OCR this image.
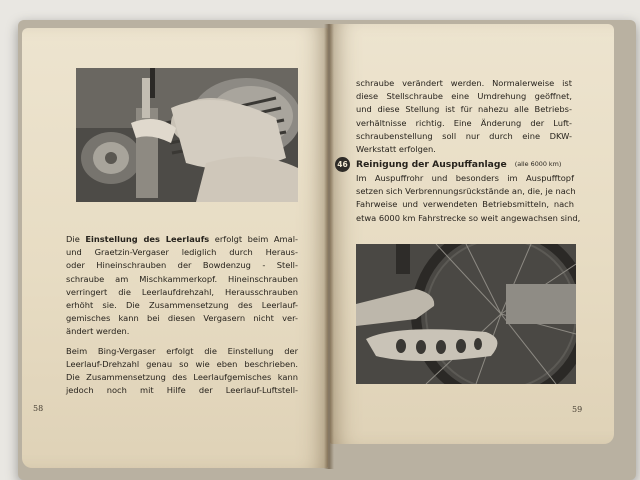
Die Einstellung des Leerlaufs erfolgt beim Amal-
und Graetzin-Vergaser lediglich durch Heraus-
oder Hineinschrauben der Bowdenzug - Stell-
schraube am Mischkammerkopf. Hineinschrauben
verringert die Leerlaufdrehzahl, Herausschrauben
erhöht sie. Die Zusammensetzung des Leerlauf-
gemisches kann bei diesen Vergasern nicht ver-
ändert werden.
Beim Bing-Vergaser erfolgt die Einstellung der
Leerlauf-Drehzahl genau so wie eben beschrieben.
Die Zusammensetzung des Leerlaufgemisches kann
jedoch noch mit Hilfe der Leerlauf-Luftstell-
schraube verändert werden. Normalerweise ist
diese Stellschraube eine Umdrehung geöffnet,
und diese Stellung ist für nahezu alle Betriebs-
verhältnisse richtig. Eine Änderung der Luft-
schraubenstellung soll nur durch eine DKW-
Werkstatt erfolgen.
46 Reinigung der Auspuffanlage (alle 6000 km)
Im Auspuffrohr und besonders im Auspufftopf
setzen sich Verbrennungsrückstände an, die, je nach
Fahrweise und verwendeten Betriebsmitteln, nach
etwa 6000 km Fahrstrecke so weit angewachsen sind,
58	59
